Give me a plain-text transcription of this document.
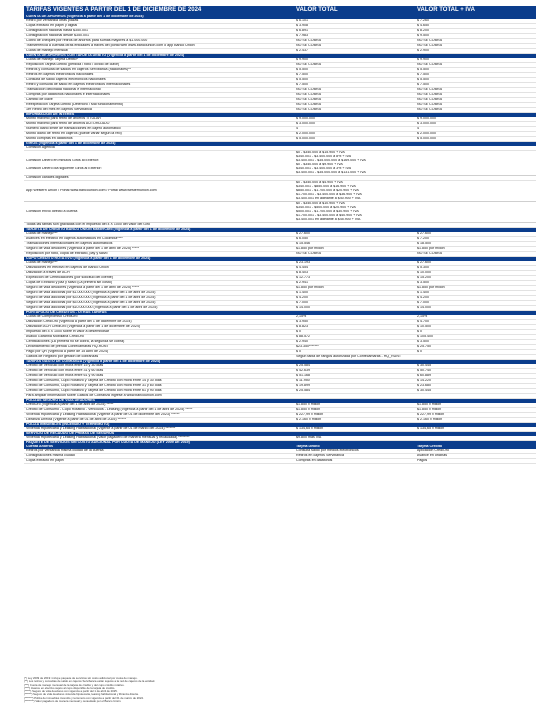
TARIFAS VIGENTES A PARTIR DEL 1 DE DICIEMBRE DE 2024	VALOR TOTAL	VALOR TOTAL + IVA
CUENTA DE AHORROS (Vigencia a partir del 1 de diciembre de 2024)		
Retiro por ventanilla otras plazas	$ 6.101	$ 7.260
Copia extracto en papel y digital	$ 3.908	$ 4.650
Consignación nacional hasta $350.001	$ 6.891	$ 8.200
Consignación nacional desde $350.001	$ 7.983	$ 9.500
Cobro de cheques por retiros de ahorros para sumas mayores a $1.000.000	NO SE COBRA	NO SE COBRA
Transferencia a cuentas otras entidades a través del portal web www.bancounion.com o app Banco Unión	NO SE COBRA	NO SE COBRA
Cuota de manejo mensual	$ 2.437	$ 2.900
CUENTA DE AHORROS CON TARJETA DÉBITO (Vigencia a partir del 1 de diciembre de 2024)		
Cuota de manejo Tarjeta Débito*	$ 9.900	$ 9.900
Reposición Tarjeta Débito (pérdida / robo / olvido de clave)	NO SE COBRA	NO SE COBRA
Retiros y consulta de saldos en cajeros Servibanca (nacionales)**	$ 5.500	$ 5.500
Retiros en cajeros electrónicos nacionales	$ 7.500	$ 7.500
Consulta de saldo cajeros electrónicos nacionales	$ 5.500	$ 5.500
Retiro y consulta de saldo en cajeros electrónicos internacionales	$ 7.500	$ 7.500
Transacción declinada nacional e internacional	NO SE COBRA	NO SE COBRA
Compras por datafonos nacionales e internacionales	NO SE COBRA	NO SE COBRA
Cambio de clave	NO SE COBRA	NO SE COBRA
Reexpedición Tarjeta Débito (Deterioro / Mal funcionamiento)	NO SE COBRA	NO SE COBRA
1er Retiro del mes en cajeros Servibanca	NO SE COBRA	NO SE COBRA
INFORMACIÓN DE INTERÉS		
Monto máximo para retiro de ahorros TITULAR	$ 9.000.000	$ 9.000.000
Monto máximo para retiro de ahorros AUTORIZADO	$ 3.000.000	$ 3.000.000
Número diario límite de transacciones en cajero automático	4	4
Monto diario de retiro en cajeros (puede variar según la red)	$ 2.000.000	$ 2.000.000
Monto compras en datáfonos	$ 5.000.000	$ 5.000.000
GIROS (Vigencia a partir del 1 de diciembre de 2024)		
Comisión Agencia		
	$0 - $340.000 a $15.900 + IVA	
	$340.001 - $3.400.000 a 8% + IVA	
Comisión Dinero en minutos Giros al Exterior:	$3.400.001 - $35.000.000 a $169.000 + IVA	
	$0 - $340.000 a $9.900 + IVA	
Comisión Dinero día siguiente Giros al Exterior:	$340.001 - $3.400.000 a 3% + IVA	
	$3.400.001 - $35.000.000 a $131.000 + IVA	
Comisión canales digitales		
	$0 - $340.000 a $4.900 + IVA	
	$340.001 - $850.000 a $16.900 + IVA	
App Western Union / Portal www.bancounion.com / Portal www.westernunion.com	$850.001 - $1.700.000 a $20.900 + IVA	
	$1.700.001 - $3.400.000 a $36.900 + IVA	
	$3.400.001 en adelante a $40.900 + IVA	
	$0 - $340.000 a $10.900 + IVA	
	$340.001 - $500.000 a $20.900 + IVA	
Comisión envío directo a cuenta	$500.001 - $1.700.000 a $30.900 + IVA	
	$1.700.001 - $3.400.000 a $40.900 + IVA	
	$3.400.001 en adelante a $45.900 + IVA	
Todas las tarifas son gravadas con el impuesto del 4 X 1000 del valor del Giro		
TARJETA DE CRÉDITO BANCO UNIÓN MasterCard (Vigencia a partir del 1 de diciembre de 2024)		
Cuota de manejo***	$ 27.600	$ 27.600
Avances en efectivo en cajeros automáticos en Colombia****	$ 6.050	$ 7.200
Transacciones internacionales en cajeros automáticos	$ 15.546	$ 18.500
Seguro de vida deudores (Vigencia a partir del 1 de abril de 2025) *****	$1.850 por millón	$1.850 por millón
Reposición por robo, copia de extracto, pay y salvo	NO SE COBRA	NO SE COBRA
CUPO CRÉDITO ROTATIVO (Vigencia a partir del 1 de diciembre de 2024)		
Cuota de manejo***	$ 23.193	$ 27.600
Utilizaciones en efectivo en cajeros de Banco Unión	$ 4.454	$ 5.300
Utilización a través de ACH	$ 8.403	$ 10.000
Expedición de Certificaciones (por solicitud del cliente)	$ 12.773	$ 15.200
Copia de Extracto y paz y salvo (La primera sin costo)	$ 2.941	$ 3.500
Seguro de vida deudores (Vigencia a partir del 1 de abril de 2025) *****	$1.850 por millón	$1.850 por millón
Seguro de vida adicional por $1.000.000 (Vigencia a partir del 1 de abril de 2025)	$ 1.400	$ 1.400
Seguro de vida adicional por $3.000.000 (Vigencia a partir del 1 de abril de 2025)	$ 4.200	$ 4.200
Seguro de vida adicional por $5.000.000 (Vigencia a partir del 1 de abril de 2025)	$ 7.000	$ 7.000
Seguro de vida adicional por $10.000.000 (Vigencia a partir del 1 de abril de 2025)	$ 14.000	$ 14.000
PORTAFOLIO DE CRÉDITOS - OTRAS TARIFAS		
Cuota de Compromiso CrediOro	2,15%	2,15%
Utilización CrediOro (Vigencia a partir del 1 de diciembre de 2024)	$ 3.950	$ 4.700
Utilización ACH CrediOro (Vigencia a partir del 1 de diciembre de 2024)	$ 8.823	$ 10.500
Impuesto del 4 X 1000 sobre el valor a desembolsar	$ 0	$ 0
Avalúo Garantía Mobiliaria CrediOro	$ 88.572	$ 105.400
Certificaciones (La primera no se cobra, la segunda se cobra)	$ 2.940	$ 3.500
Levantamiento de prenda Confecámaras HQ-RUNT	$23.350*******	$ 25.750
Pago por QR (Vigencia a partir de 15 Abril de 2024)	$ 0	$ 0
Gastos de Registro por gestión de cobranzas	Según tabla de rangos autorizada por Confecámaras - HQ_RUNT	
TARIFAS GASTO DE COBRANZA (Vigencia a partir del 1 de diciembre de 2024)		
Crédito de Vehículo con mora entre 15 y 30 días	$ 25.584	$ 30.445
Crédito de Vehículo con mora entre 31 y 60 días	$ 42.639	$ 50.740
Crédito de Vehículo con mora entre 61 y 90 días	$ 51.168	$ 60.889
Crédito de Consumo, Cupo Rotativo y Tarjeta de Crédito con mora entre 14 y 30 días	$ 11.950	$ 14.220
Crédito de Consumo, Cupo Rotativo y Tarjeta de Crédito con mora entre 31 y 60 días	$ 19.899	$ 23.680
Crédito de Consumo, Cupo Rotativo y Tarjeta de Crédito con mora entre 61 y 90 días	$ 25.584	$ 30.445
Para ampliar información sobre Gastos de Cobranza ingrese a www.bancounion.com		
PÓLIZAS SEGURO DE VIDA DEUDORES		
CrediOro (Vigencia a partir del 1 de abril de 2025) *****	$1.850 x millón	$1.850 x millón
Crédito de Consumo - Cupo Rotativo - Vehículos - Leasing (Vigencia a partir del 1 de abril de 2025) *****	$1.850 x millón	$1.850 x millón
Vivienda Hipotecaria y Leasing Habitacional (Vigente a partir de 01 de diciembre del 2023) ******	$ 227,99 x millón	$ 227,99 x millón
Libranza Directa (Vigente a partir de 01 de abril de 2025) ******	$ 2.160 x millón	$ 2.160 x millón
PÓLIZA INMUEBLES (INCENDIO Y TERREMOTO)		
Vivienda Hipotecaria y Leasing Habitacional (Vigente a partir de 01 de marzo del 2024) *******	$ 134,65 x millón	$ 134,65 x millón
SERVICIO DE RECAUDO DE PRIMAS DE SEGUROS		
Vivienda Hipotecaria y Leasing Habitacional (Valor pagadero de manera mensual y recaudada) ********	$9.800 más IVA	
PAQUETE DE SERVICIOS SIN COSTO ADICIONAL POR CUOTA DE MANEJO (LEY 2009 DE 2019)		
Cuenta Ahorros	Tarjeta Débito	Tarjeta Crédito
Retiros por ventanilla misma ciudad de la cuenta	Consulta saldo por medios electrónicos	Aplicación CrediOro
Consignaciones misma ciudad	Retiros en cajeros Servibanca	Avance en oficinas
Copia extracto en papel	Compras en datáfonos	Pagos
(*) Ley 2009 de 2019: incluye paquete de servicios sin costo adicional por cuota de manejo.
(**) Los retiros y consultas de saldo en cajeros Servibanca están sujetos a la red de cajeros de la entidad.
(***) Cuota de manejo mensual de la tarjeta de crédito y del cupo crédito rotativo.
(****) Avance en efectivo sujeto al cupo disponible de la tarjeta de crédito.
(*****) Seguro de vida deudores con vigencia a partir del 1 de abril de 2025.
(******) Seguro de vida deudores vivienda hipotecaria, leasing habitacional y libranza directa.
(*******) Póliza de inmuebles incendio y terremoto con vigencia a partir del 01 de marzo de 2024.
(********) Valor pagadero de manera mensual y recaudado por el Banco Unión.
